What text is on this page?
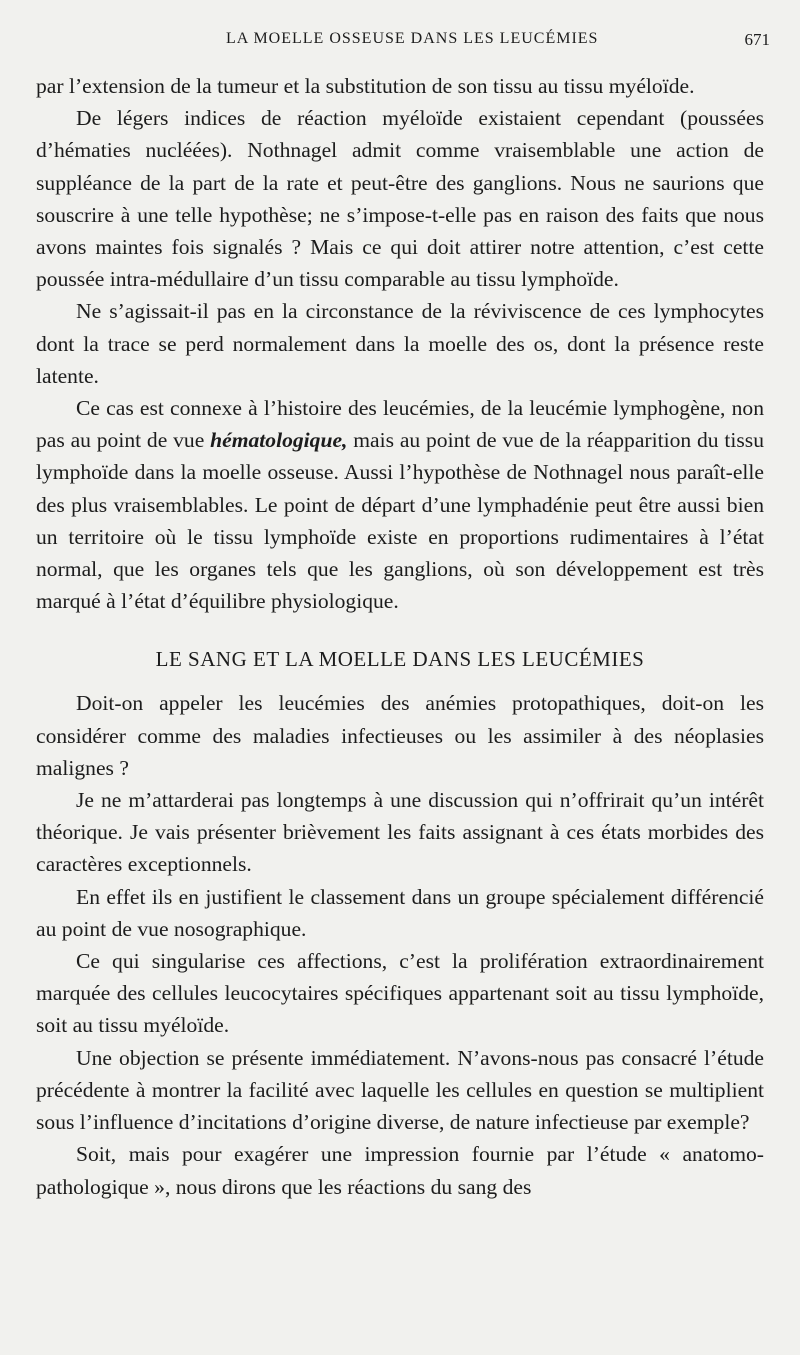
LA MOELLE OSSEUSE DANS LES LEUCÉMIES	671

par l’extension de la tumeur et la substitution de son tissu au tissu myéloïde.

De légers indices de réaction myéloïde existaient cependant (poussées d’hématies nucléées). Nothnagel admit comme vraisemblable une action de suppléance de la part de la rate et peut-être des ganglions. Nous ne saurions que souscrire à une telle hypothèse; ne s’impose-t-elle pas en raison des faits que nous avons maintes fois signalés ? Mais ce qui doit attirer notre attention, c’est cette poussée intra-médullaire d’un tissu comparable au tissu lymphoïde.

Ne s’agissait-il pas en la circonstance de la réviviscence de ces lymphocytes dont la trace se perd normalement dans la moelle des os, dont la présence reste latente.

Ce cas est connexe à l’histoire des leucémies, de la leucémie lymphogène, non pas au point de vue hématologique, mais au point de vue de la réapparition du tissu lymphoïde dans la moelle osseuse. Aussi l’hypothèse de Nothnagel nous paraît-elle des plus vraisemblables. Le point de départ d’une lymphadénie peut être aussi bien un territoire où le tissu lymphoïde existe en proportions rudimentaires à l’état normal, que les organes tels que les ganglions, où son développement est très marqué à l’état d’équilibre physiologique.

LE SANG ET LA MOELLE DANS LES LEUCÉMIES

Doit-on appeler les leucémies des anémies protopathiques, doit-on les considérer comme des maladies infectieuses ou les assimiler à des néoplasies malignes ?

Je ne m’attarderai pas longtemps à une discussion qui n’offrirait qu’un intérêt théorique. Je vais présenter brièvement les faits assignant à ces états morbides des caractères exceptionnels.

En effet ils en justifient le classement dans un groupe spécialement différencié au point de vue nosographique.

Ce qui singularise ces affections, c’est la prolifération extraordinairement marquée des cellules leucocytaires spécifiques appartenant soit au tissu lymphoïde, soit au tissu myéloïde.

Une objection se présente immédiatement. N’avons-nous pas consacré l’étude précédente à montrer la facilité avec laquelle les cellules en question se multiplient sous l’influence d’incitations d’origine diverse, de nature infectieuse par exemple?

Soit, mais pour exagérer une impression fournie par l’étude « anatomo-pathologique », nous dirons que les réactions du sang des
